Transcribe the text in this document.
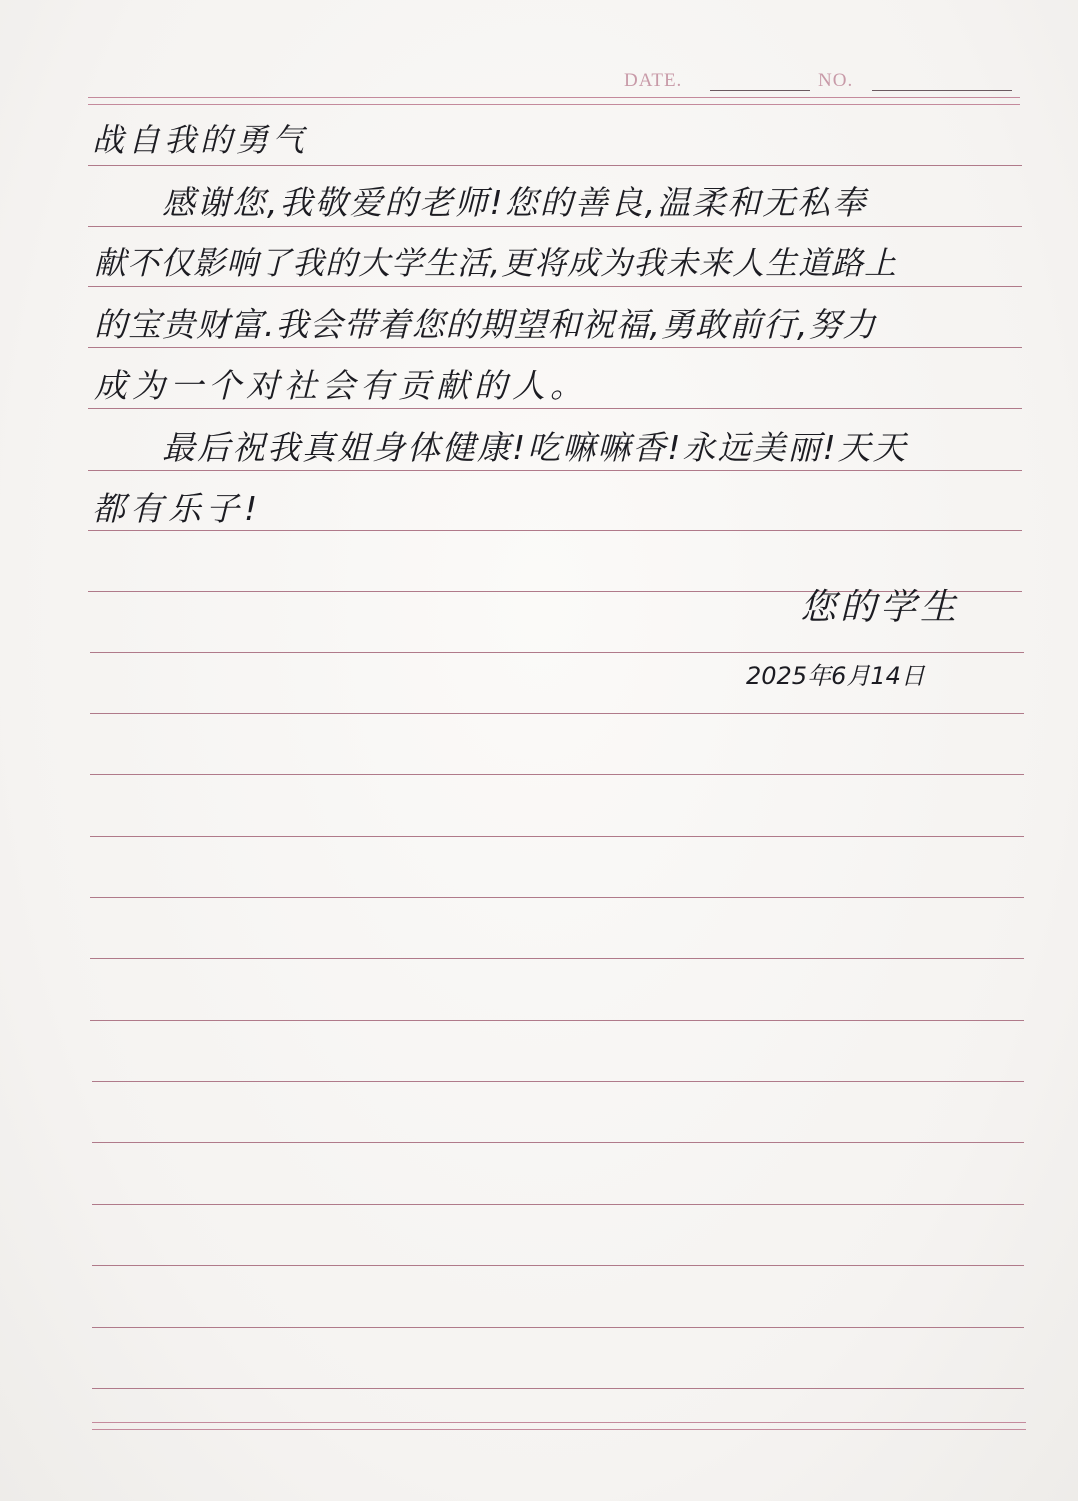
DATE.	NO.
战自我的勇气
感谢您,我敬爱的老师!您的善良,温柔和无私奉
献不仅影响了我的大学生活,更将成为我未来人生道路上
的宝贵财富.我会带着您的期望和祝福,勇敢前行,努力
成为一个对社会有贡献的人。
最后祝我真姐身体健康!吃嘛嘛香!永远美丽!天天
都有乐子!
您的学生
2025年6月14日
